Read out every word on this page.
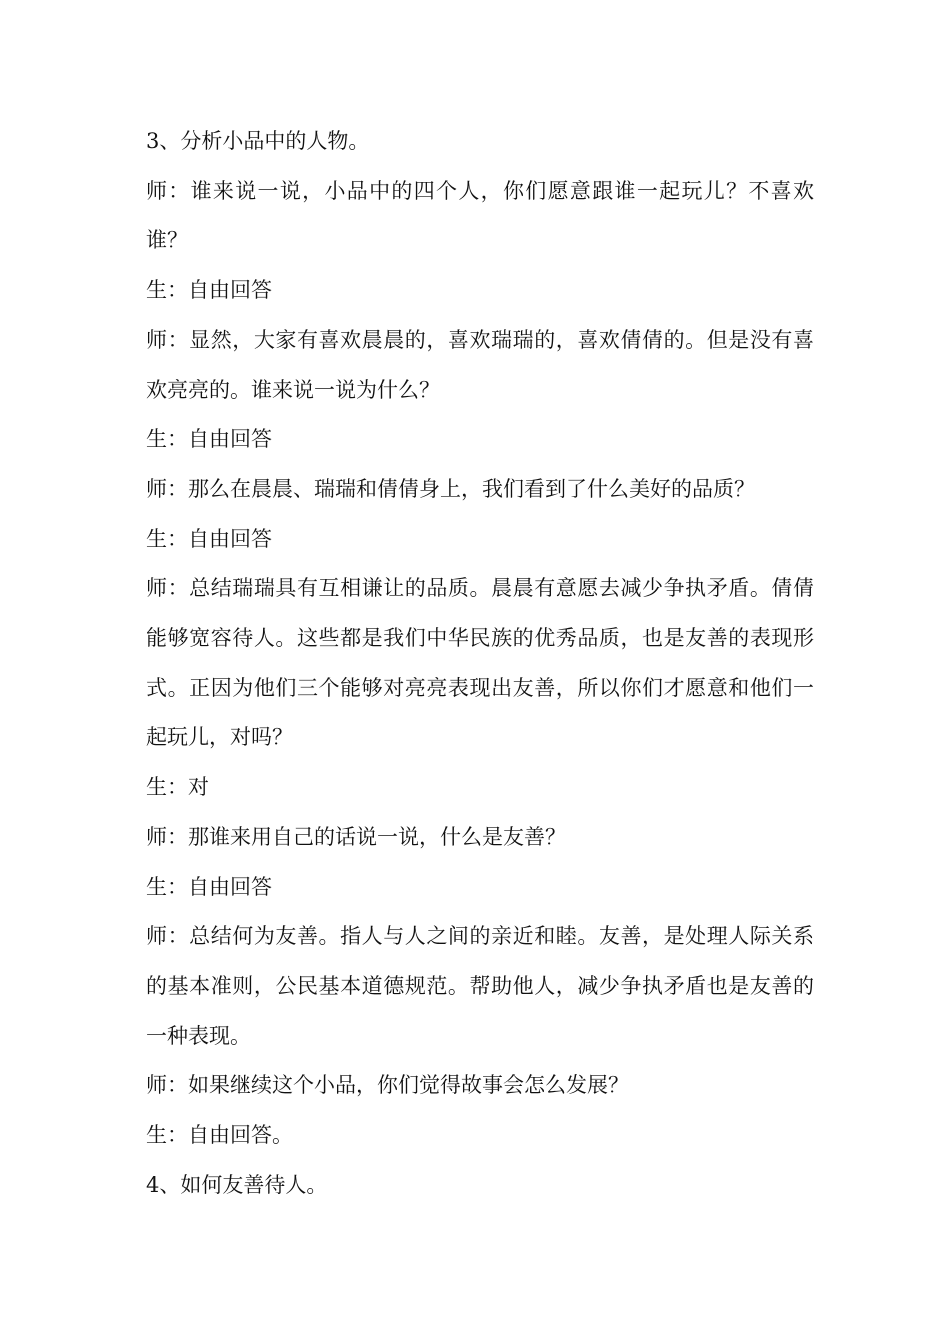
3、分析小品中的人物。

师：谁来说一说，小品中的四个人，你们愿意跟谁一起玩儿？不喜欢谁？

生：自由回答

师：显然，大家有喜欢晨晨的，喜欢瑞瑞的，喜欢倩倩的。但是没有喜欢亮亮的。谁来说一说为什么？

生：自由回答

师：那么在晨晨、瑞瑞和倩倩身上，我们看到了什么美好的品质？

生：自由回答

师：总结瑞瑞具有互相谦让的品质。晨晨有意愿去减少争执矛盾。倩倩能够宽容待人。这些都是我们中华民族的优秀品质，也是友善的表现形式。正因为他们三个能够对亮亮表现出友善，所以你们才愿意和他们一起玩儿，对吗？

生：对

师：那谁来用自己的话说一说，什么是友善？

生：自由回答

师：总结何为友善。指人与人之间的亲近和睦。友善，是处理人际关系的基本准则，公民基本道德规范。帮助他人，减少争执矛盾也是友善的一种表现。

师：如果继续这个小品，你们觉得故事会怎么发展？

生：自由回答。

4、如何友善待人。
